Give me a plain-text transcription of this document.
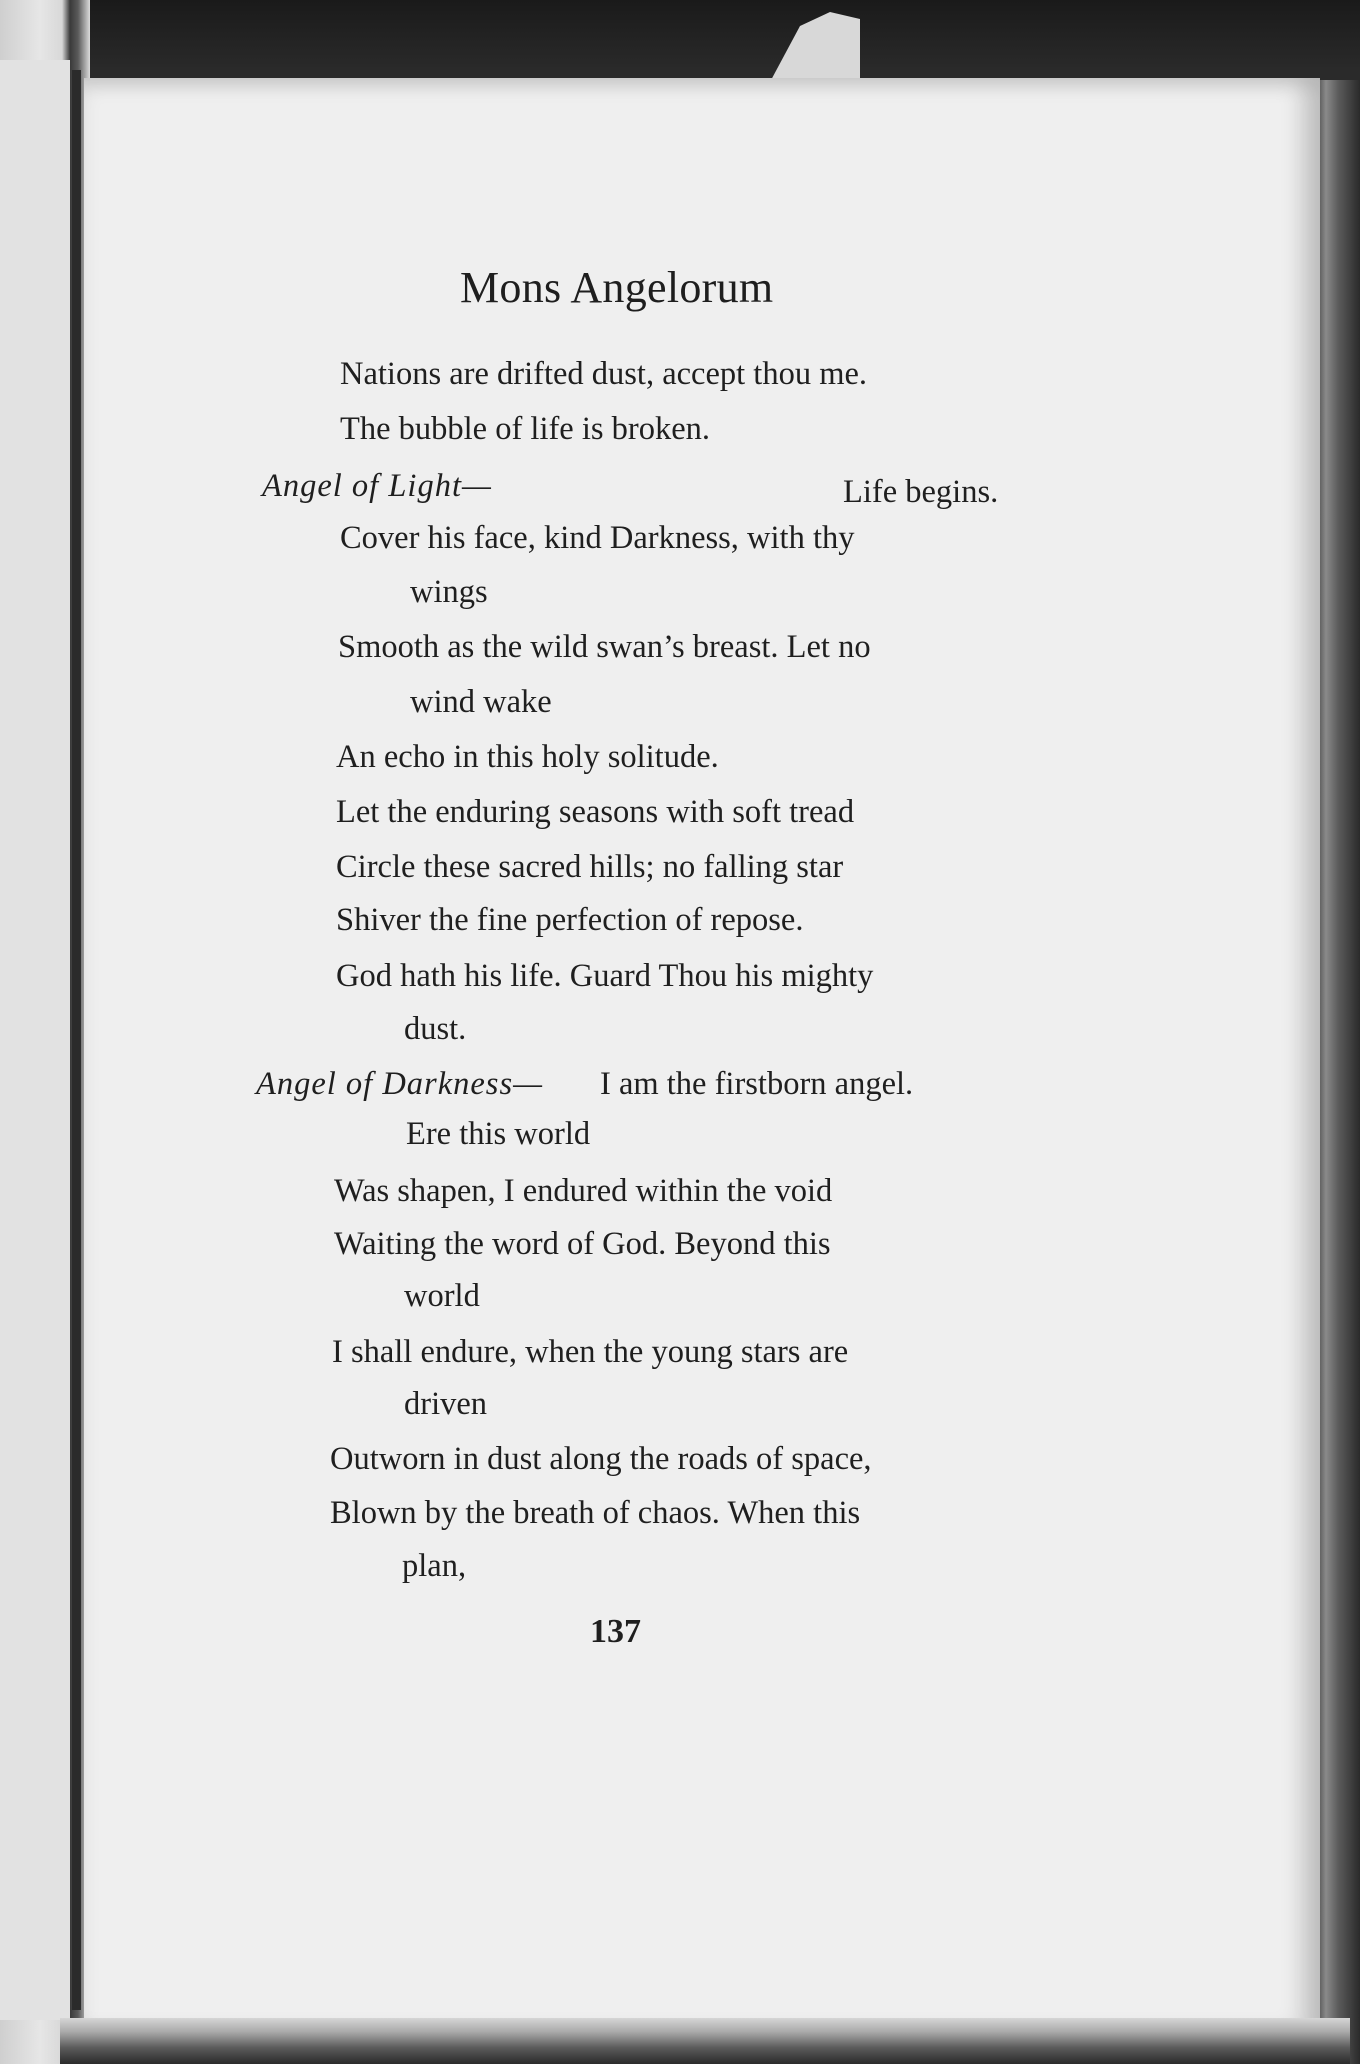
Mons Angelorum
Nations are drifted dust, accept thou me.
The bubble of life is broken.
Angel of Light—	Life begins.
Cover his face, kind Darkness, with thy
wings
Smooth as the wild swan’s breast. Let no
wind wake
An echo in this holy solitude.
Let the enduring seasons with soft tread
Circle these sacred hills; no falling star
Shiver the fine perfection of repose.
God hath his life. Guard Thou his mighty
dust.
Angel of Darkness— I am the firstborn angel.
Ere this world
Was shapen, I endured within the void
Waiting the word of God. Beyond this
world
I shall endure, when the young stars are
driven
Outworn in dust along the roads of space,
Blown by the breath of chaos. When this
plan,
137
